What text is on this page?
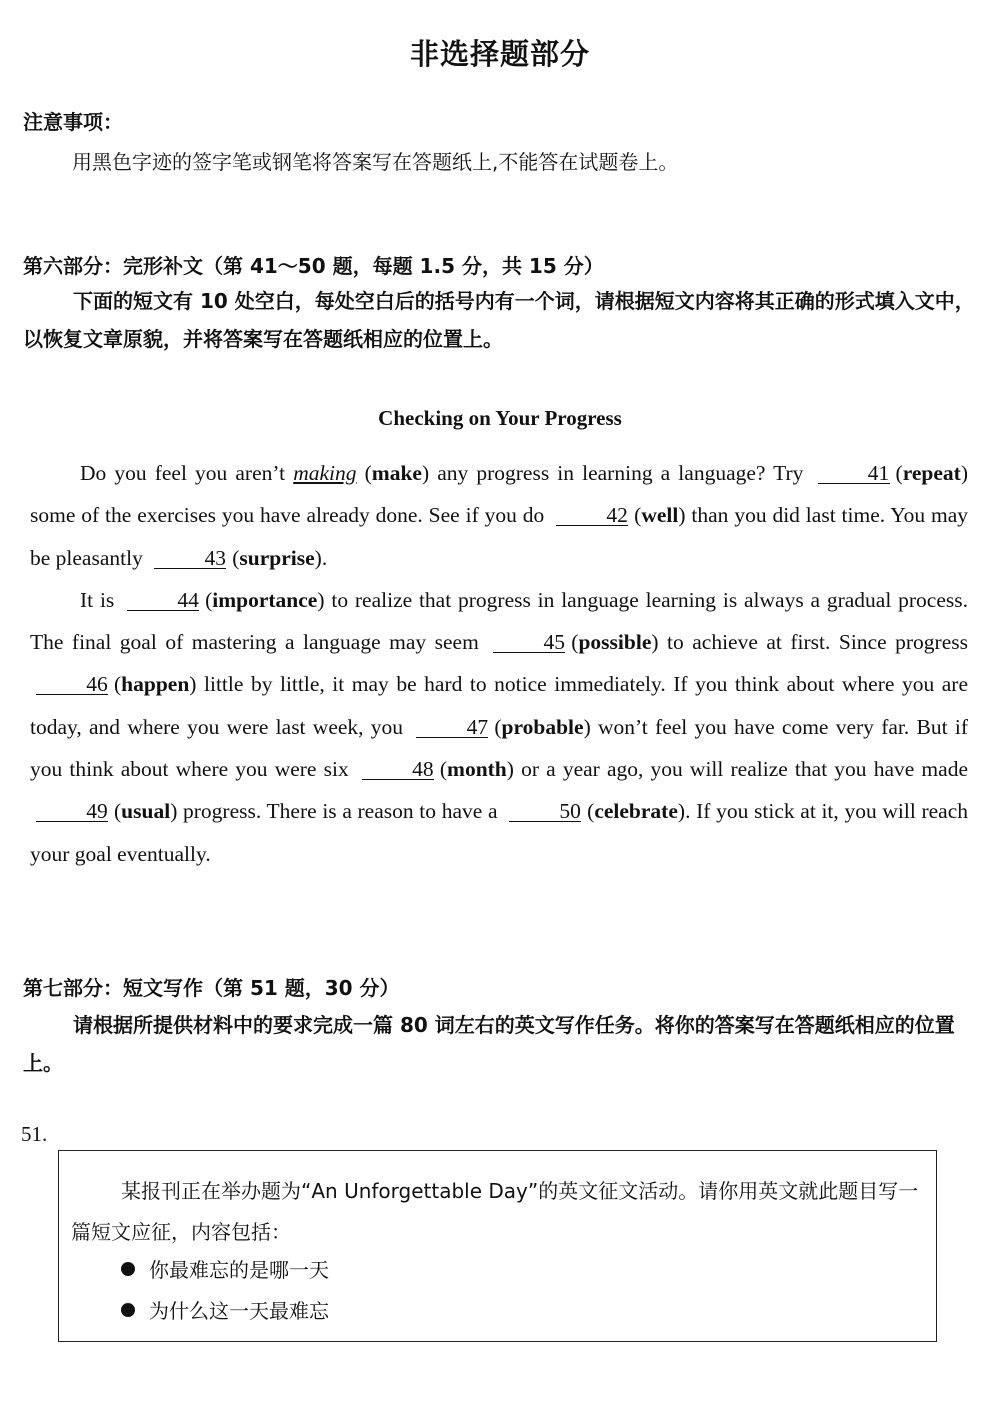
非选择题部分
注意事项：
用黑色字迹的签字笔或钢笔将答案写在答题纸上,不能答在试题卷上。
第六部分：完形补文（第 41～50 题，每题 1.5 分，共 15 分）
下面的短文有 10 处空白，每处空白后的括号内有一个词，请根据短文内容将其正确的形式填入文中，以恢复文章原貌，并将答案写在答题纸相应的位置上。
Checking on Your Progress

Do you feel you aren’t making (make) any progress in learning a language? Try	41 (repeat) some of the exercises you have already done. See if you do	42 (well) than you did last time. You may be pleasantly	43 (surprise).

It is	44 (importance) to realize that progress in language learning is always a gradual process. The final goal of mastering a language may seem	45 (possible) to achieve at first. Since progress 46 (happen) little by little, it may be hard to notice immediately. If you think about where you are today, and where you were last week, you	47 (probable) won’t feel you have come very far. But if you think about where you were six	48 (month) or a year ago, you will realize that you have made 49 (usual) progress. There is a reason to have a	50 (celebrate). If you stick at it, you will reach your goal eventually.

第七部分：短文写作（第 51 题，30 分）
请根据所提供材料中的要求完成一篇 80 词左右的英文写作任务。将你的答案写在答题纸相应的位置上。
51.
某报刊正在举办题为“An Unforgettable Day”的英文征文活动。请你用英文就此题目写一篇短文应征，内容包括：
你最难忘的是哪一天
为什么这一天最难忘
